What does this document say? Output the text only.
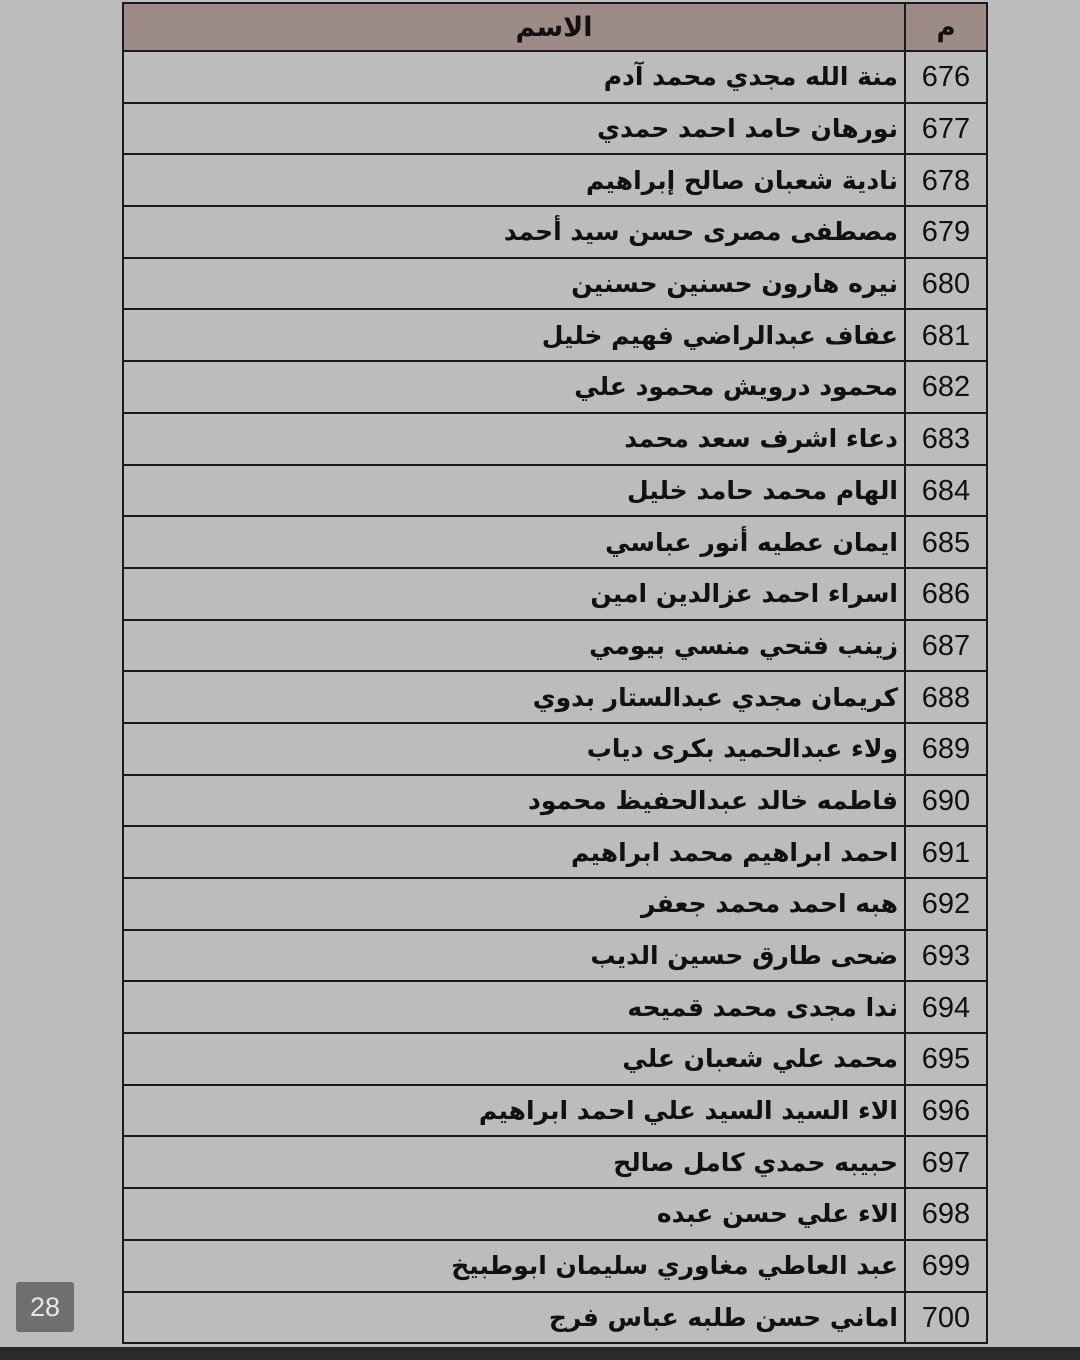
م
الاسم
676
منة الله مجدي محمد آدم
677
نورهان حامد احمد حمدي
678
نادية شعبان صالح إبراهيم
679
مصطفى مصرى حسن سيد أحمد
680
نيره هارون حسنين حسنين
681
عفاف عبدالراضي فهيم خليل
682
محمود درويش محمود علي
683
دعاء اشرف سعد محمد
684
الهام محمد حامد خليل
685
ايمان عطيه أنور عباسي
686
اسراء احمد عزالدين امين
687
زينب فتحي منسي بيومي
688
كريمان مجدي عبدالستار بدوي
689
ولاء عبدالحميد بكرى دياب
690
فاطمه خالد عبدالحفيظ محمود
691
احمد ابراهيم محمد ابراهيم
692
هبه احمد محمد جعفر
693
ضحى طارق حسين الديب
694
ندا مجدى محمد قميحه
695
محمد علي شعبان علي
696
الاء السيد السيد علي احمد ابراهيم
697
حبيبه حمدي كامل صالح
698
الاء علي حسن عبده
699
عبد العاطي مغاوري سليمان ابوطبيخ
700
اماني حسن طلبه عباس فرج
28
